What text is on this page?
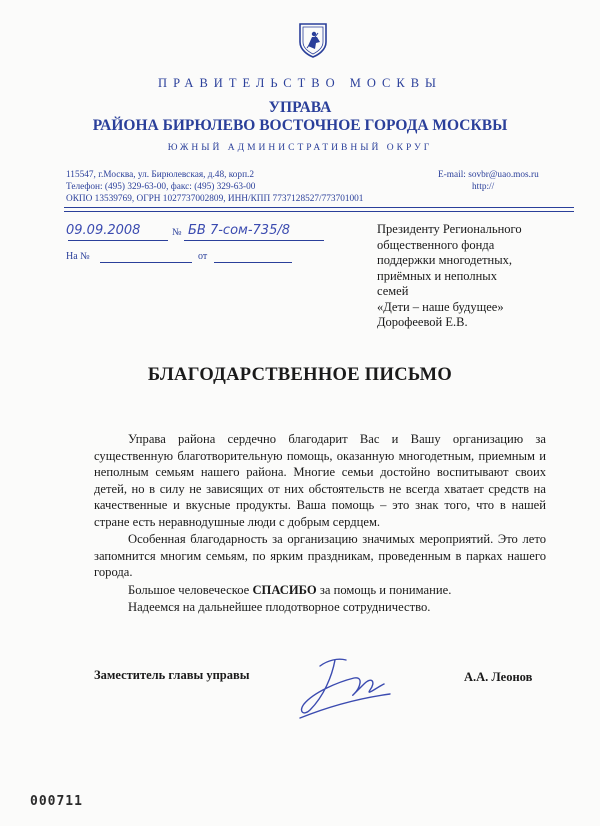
ПРАВИТЕЛЬСТВО МОСКВЫ
УПРАВА
РАЙОНА БИРЮЛЕВО ВОСТОЧНОЕ ГОРОДА МОСКВЫ
ЮЖНЫЙ АДМИНИСТРАТИВНЫЙ ОКРУГ
115547, г.Москва, ул. Бирюлевская, д.48, корп.2
Телефон: (495) 329-63-00, факс: (495) 329-63-00
ОКПО 13539769, ОГРН 1027737002809, ИНН/КПП 7737128527/773701001
E-mail: sovbr@uao.mos.ru
http://
09.09.2008	№ БВ 7-сом-735/8
На №	от
Президенту Регионального
общественного фонда
поддержки многодетных,
приёмных и неполных
семей
«Дети – наше будущее»
Дорофеевой Е.В.
БЛАГОДАРСТВЕННОЕ ПИСЬМО

Управа района сердечно благодарит Вас и Вашу организацию за существенную благотворительную помощь, оказанную многодетным, приемным и неполным семьям нашего района. Многие семьи достойно воспитывают своих детей, но в силу не зависящих от них обстоятельств не всегда хватает средств на качественные и вкусные продукты. Ваша помощь – это знак того, что в нашей стране есть неравнодушные люди с добрым сердцем.

Особенная благодарность за организацию значимых мероприятий. Это лето запомнится многим семьям, по ярким праздникам, проведенным в парках нашего города.

Большое человеческое СПАСИБО за помощь и понимание.

Надеемся на дальнейшее плодотворное сотрудничество.

Заместитель главы управы	А.А. Леонов
000711
